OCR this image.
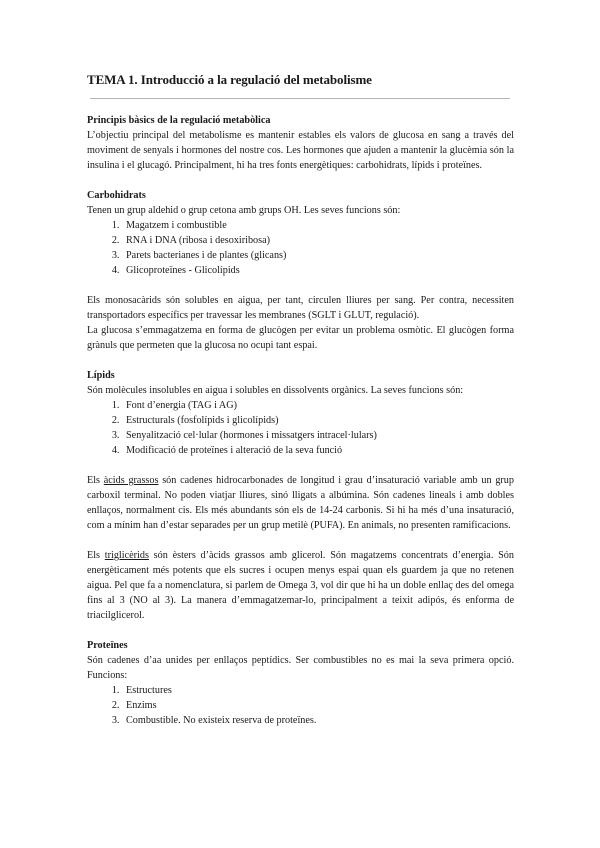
TEMA 1. Introducció a la regulació del metabolisme
Principis bàsics de la regulació metabòlica

L’objectiu principal del metabolisme es mantenir estables els valors de glucosa en sang a través del moviment de senyals i hormones del nostre cos. Les hormones que ajuden a mantenir la glucèmia són la insulina i el glucagó. Principalment, hi ha tres fonts energètiques: carbohidrats, lípids i proteïnes.

Carbohidrats

Tenen un grup aldehid o grup cetona amb grups OH. Les seves funcions són:

1. Magatzem i combustible
2. RNA i DNA (ribosa i desoxiribosa)
3. Parets bacterianes i de plantes (glicans)
4. Glicoproteïnes - Glicolípids

Els monosacàrids són solubles en aigua, per tant, circulen lliures per sang. Per contra, necessiten transportadors específics per travessar les membranes (SGLT i GLUT, regulació).

La glucosa s’emmagatzema en forma de glucògen per evitar un problema osmòtic. El glucògen forma grànuls que permeten que la glucosa no ocupi tant espai.

Lípids

Són molècules insolubles en aigua i solubles en dissolvents orgànics. La seves funcions són:

1. Font d’energia (TAG i AG)
2. Estructurals (fosfolípids i glicolípids)
3. Senyalització cel·lular (hormones i missatgers intracel·lulars)
4. Modificació de proteïnes i alteració de la seva funció

Els àcids grassos són cadenes hidrocarbonades de longitud i grau d’insaturació variable amb un grup carboxil terminal. No poden viatjar lliures, sinó lligats a albúmina. Són cadenes lineals i amb dobles enllaços, normalment cis. Els més abundants són els de 14-24 carbonis. Si hi ha més d’una insaturació, com a mínim han d’estar separades per un grup metilè (PUFA). En animals, no presenten ramificacions.

Els triglicèrids són èsters d’àcids grassos amb glicerol. Són magatzems concentrats d’energia. Són energèticament més potents que els sucres i ocupen menys espai quan els guardem ja que no retenen aigua. Pel que fa a nomenclatura, si parlem de Omega 3, vol dir que hi ha un doble enllaç des del omega fins al 3 (NO al 3). La manera d’emmagatzemar-lo, principalment a teixit adipós, és enforma de triacilglicerol.

Proteïnes

Són cadenes d’aa unides per enllaços peptídics. Ser combustibles no es mai la seva primera opció. Funcions:

1. Estructures
2. Enzims
3. Combustible. No existeix reserva de proteïnes.
